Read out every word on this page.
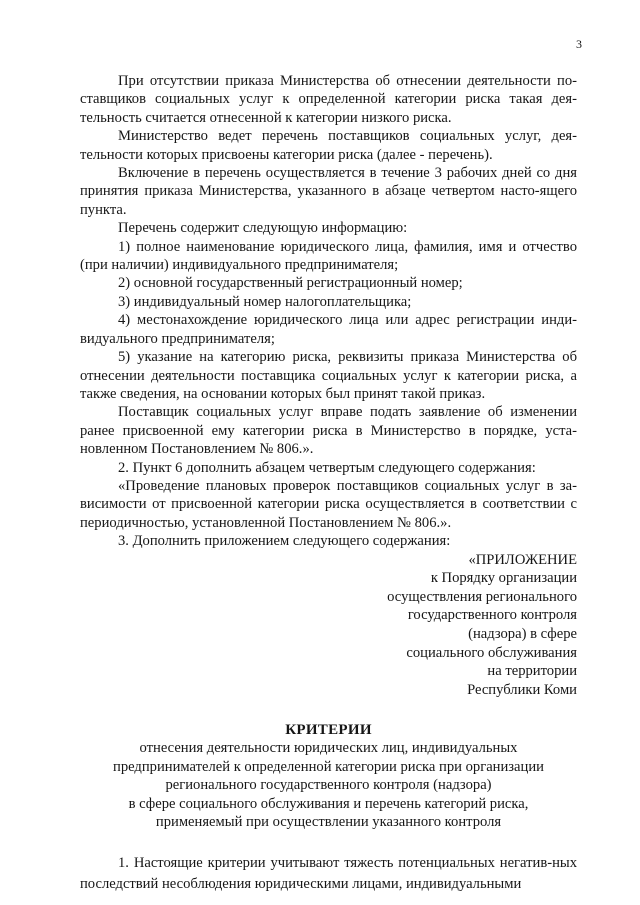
3

При отсутствии приказа Министерства об отнесении деятельности по-ставщиков социальных услуг к определенной категории риска такая дея-тельность считается отнесенной к категории низкого риска.

Министерство ведет перечень поставщиков социальных услуг, дея-тельности которых присвоены категории риска (далее - перечень).

Включение в перечень осуществляется в течение 3 рабочих дней со дня принятия приказа Министерства, указанного в абзаце четвертом насто-ящего пункта.

Перечень содержит следующую информацию:

1) полное наименование юридического лица, фамилия, имя и отчество (при наличии) индивидуального предпринимателя;

2) основной государственный регистрационный номер;

3) индивидуальный номер налогоплательщика;

4) местонахождение юридического лица или адрес регистрации инди-видуального предпринимателя;

5) указание на категорию риска, реквизиты приказа Министерства об отнесении деятельности поставщика социальных услуг к категории риска, а также сведения, на основании которых был принят такой приказ.

Поставщик социальных услуг вправе подать заявление об изменении ранее присвоенной ему категории риска в Министерство в порядке, уста-новленном Постановлением № 806.».

2. Пункт 6 дополнить абзацем четвертым следующего содержания:

«Проведение плановых проверок поставщиков социальных услуг в за-висимости от присвоенной категории риска осуществляется в соответствии с периодичностью, установленной Постановлением № 806.».

3. Дополнить приложением следующего содержания:

«ПРИЛОЖЕНИЕ
к Порядку организации
осуществления регионального
государственного контроля
(надзора) в сфере
социального обслуживания
на территории
Республики Коми
КРИТЕРИИ
отнесения деятельности юридических лиц, индивидуальных
предпринимателей к определенной категории риска при организации
регионального государственного контроля (надзора)
в сфере социального обслуживания и перечень категорий риска,
применяемый при осуществлении указанного контроля

1. Настоящие критерии учитывают тяжесть потенциальных негатив-ных последствий несоблюдения юридическими лицами, индивидуальными
